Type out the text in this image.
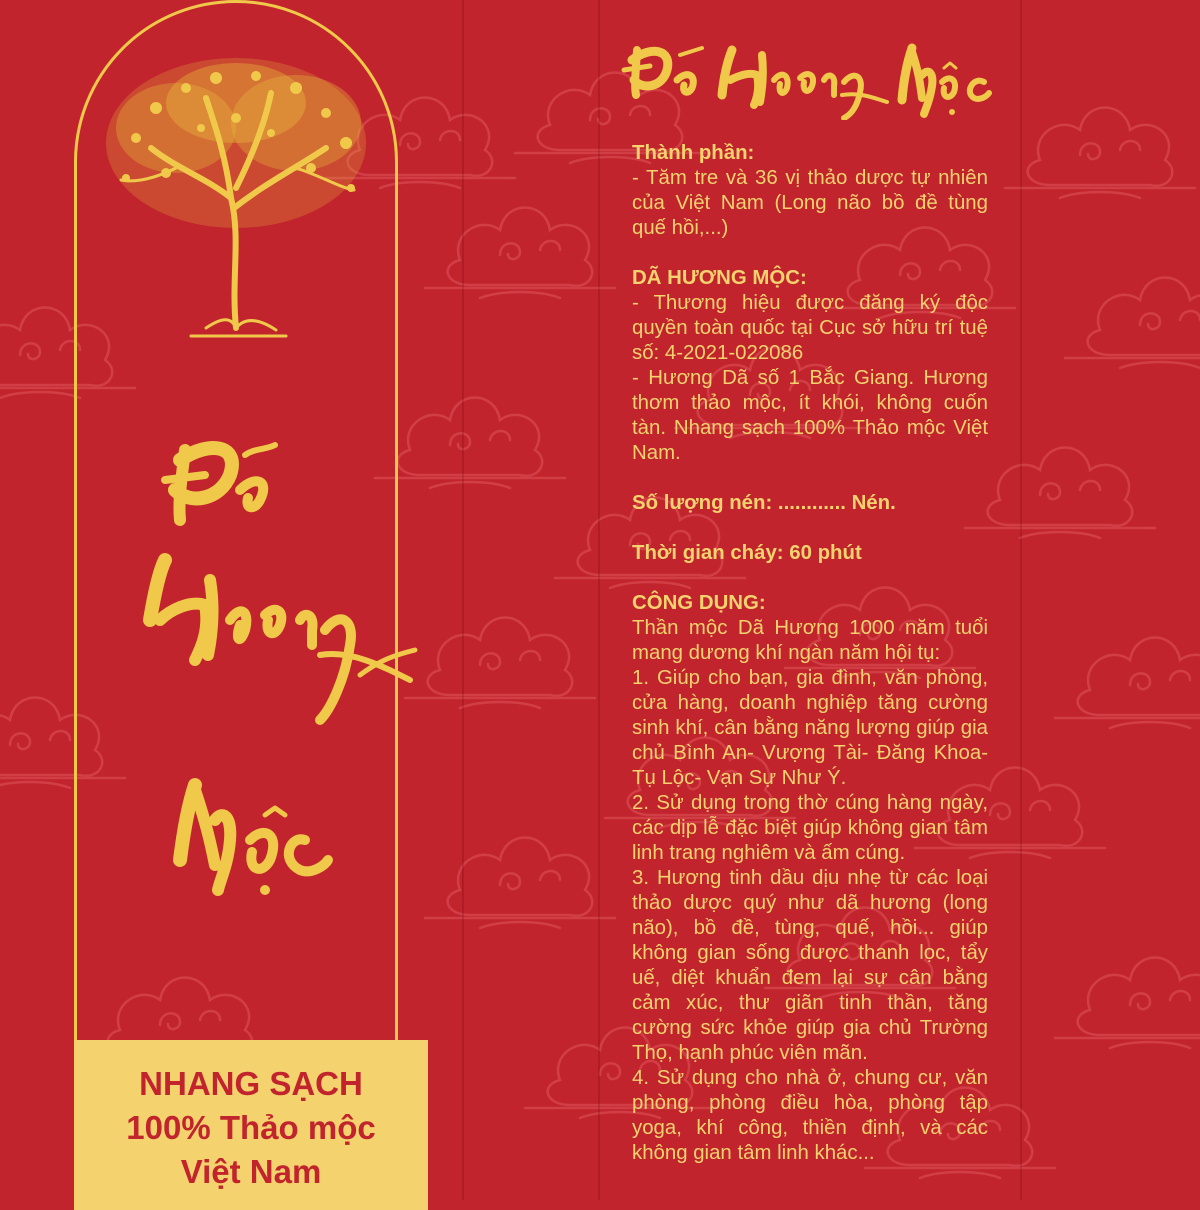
NHANG SẠCH
100% Thảo mộc
Việt Nam
Thành phần:
- Tăm tre và 36 vị thảo dược tự nhiên của Việt Nam (Long não bồ đề tùng quế hồi,...)
DÃ HƯƠNG MỘC:
- Thương hiệu được đăng ký độc quyền toàn quốc tại Cục sở hữu trí tuệ số: 4-2021-022086
- Hương Dã số 1 Bắc Giang. Hương thơm thảo mộc, ít khói, không cuốn tàn. Nhang sạch 100% Thảo mộc Việt Nam.
Số lượng nén: ............ Nén.
Thời gian cháy: 60 phút
CÔNG DỤNG:
Thần mộc Dã Hương 1000 năm tuổi mang dương khí ngàn năm hội tụ:
1. Giúp cho bạn, gia đình, văn phòng, cửa hàng, doanh nghiệp tăng cường sinh khí, cân bằng năng lượng giúp gia chủ Bình An- Vượng Tài- Đăng Khoa- Tụ Lộc- Vạn Sự Như Ý.
2. Sử dụng trong thờ cúng hàng ngày, các dịp lễ đặc biệt giúp không gian tâm linh trang nghiêm và ấm cúng.
3. Hương tinh dầu dịu nhẹ từ các loại thảo dược quý như dã hương (long não), bồ đề, tùng, quế, hồi... giúp không gian sống được thanh lọc, tẩy uế, diệt khuẩn đem lại sự cân bằng cảm xúc, thư giãn tinh thần, tăng cường sức khỏe giúp gia chủ Trường Thọ, hạnh phúc viên mãn.
4. Sử dụng cho nhà ở, chung cư, văn phòng, phòng điều hòa, phòng tập yoga, khí công, thiền định, và các không gian tâm linh khác...
